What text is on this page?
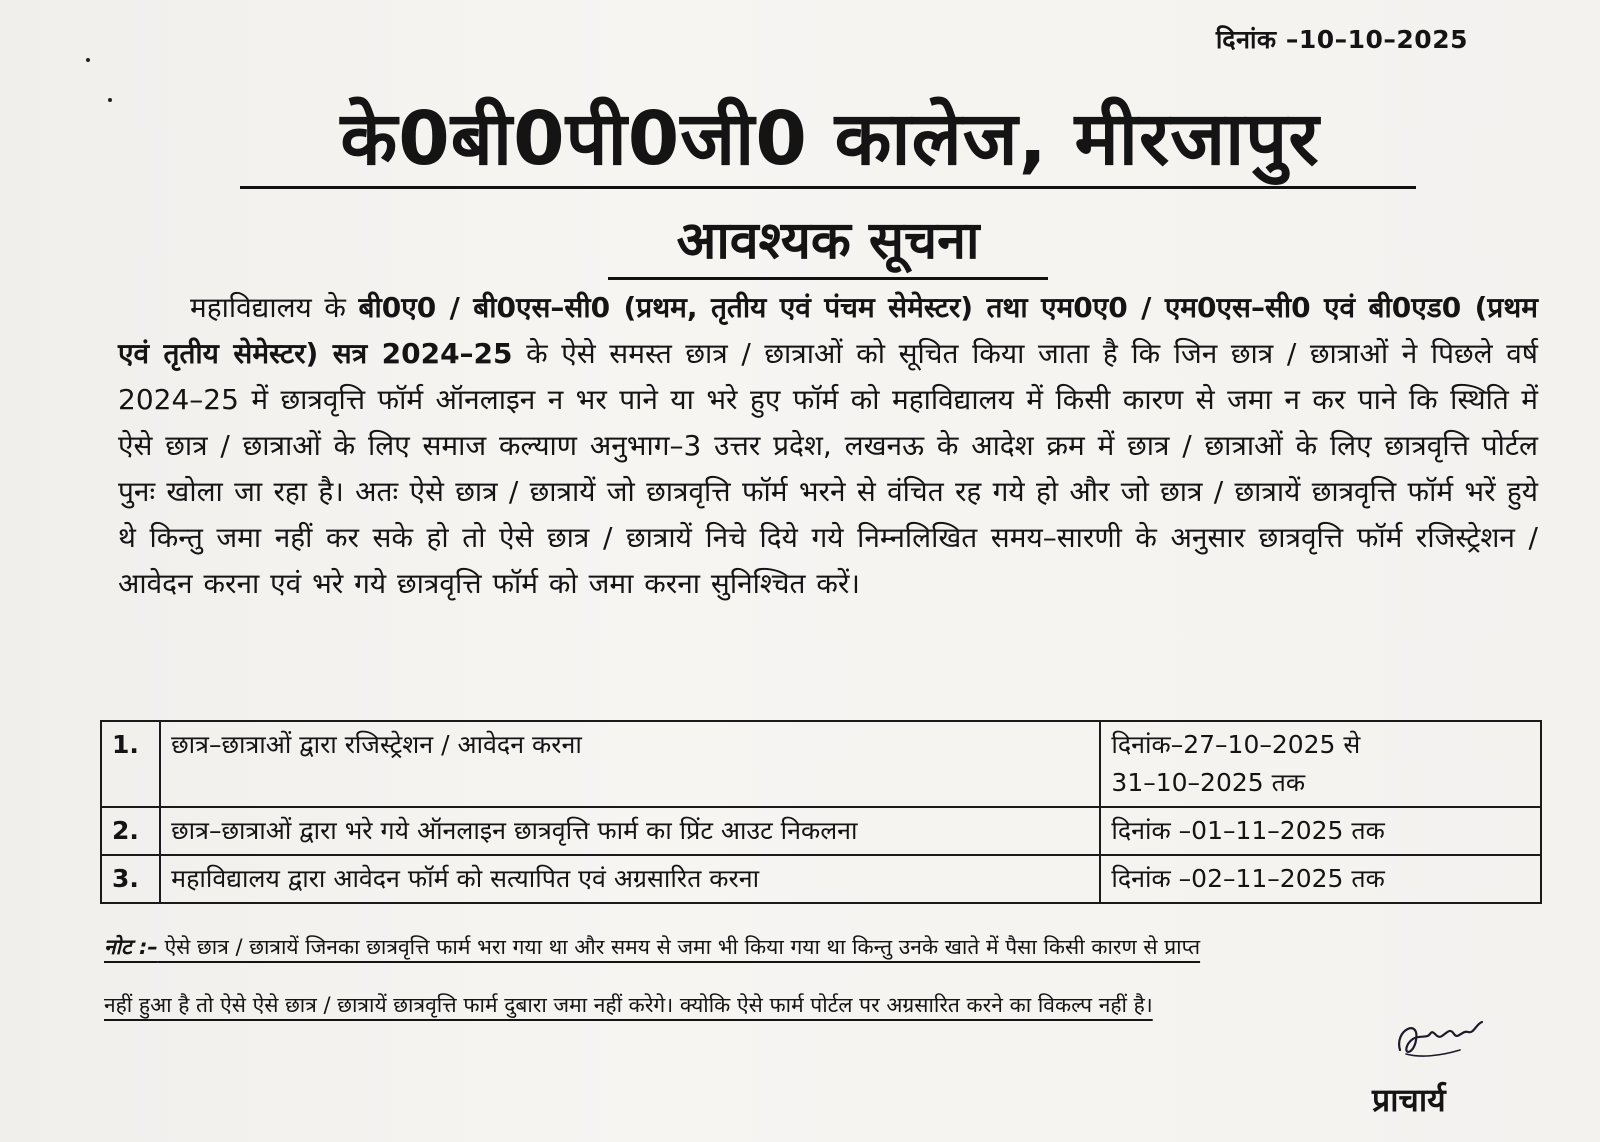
दिनांक –10–10–2025
के0बी0पी0जी0 कालेज, मीरजापुर
आवश्यक सूचना
महाविद्यालय के बी0ए0 / बी0एस–सी0 (प्रथम, तृतीय एवं पंचम सेमेस्टर) तथा एम0ए0 / एम0एस–सी0 एवं बी0एड0 (प्रथम एवं तृतीय सेमेस्टर) सत्र 2024–25 के ऐसे समस्त छात्र / छात्राओं को सूचित किया जाता है कि जिन छात्र / छात्राओं ने पिछले वर्ष 2024–25 में छात्रवृत्ति फॉर्म ऑनलाइन न भर पाने या भरे हुए फॉर्म को महाविद्यालय में किसी कारण से जमा न कर पाने कि स्थिति में ऐसे छात्र / छात्राओं के लिए समाज कल्याण अनुभाग–3 उत्तर प्रदेश, लखनऊ के आदेश क्रम में छात्र / छात्राओं के लिए छात्रवृत्ति पोर्टल पुनः खोला जा रहा है। अतः ऐसे छात्र / छात्रायें जो छात्रवृत्ति फॉर्म भरने से वंचित रह गये हो और जो छात्र / छात्रायें छात्रवृत्ति फॉर्म भरें हुये थे किन्तु जमा नहीं कर सके हो तो ऐसे छात्र / छात्रायें निचे दिये गये निम्नलिखित समय–सारणी के अनुसार छात्रवृत्ति फॉर्म रजिस्ट्रेशन / आवेदन करना एवं भरे गये छात्रवृत्ति फॉर्म को जमा करना सुनिश्चित करें।
1.	छात्र–छात्राओं द्वारा रजिस्ट्रेशन / आवेदन करना	दिनांक–27–10–2025 से
31–10–2025 तक

2.	छात्र–छात्राओं द्वारा भरे गये ऑनलाइन छात्रवृत्ति फार्म का प्रिंट आउट निकलना	दिनांक –01–11–2025 तक
3.	महाविद्यालय द्वारा आवेदन फॉर्म को सत्यापित एवं अग्रसारित करना	दिनांक –02–11–2025 तक
नोट :– ऐसे छात्र / छात्रायें जिनका छात्रवृत्ति फार्म भरा गया था और समय से जमा भी किया गया था किन्तु उनके खाते में पैसा किसी कारण से प्राप्त
नहीं हुआ है तो ऐसे ऐसे छात्र / छात्रायें छात्रवृत्ति फार्म दुबारा जमा नहीं करेगे। क्योकि ऐसे फार्म पोर्टल पर अग्रसारित करने का विकल्प नहीं है।
प्राचार्य
